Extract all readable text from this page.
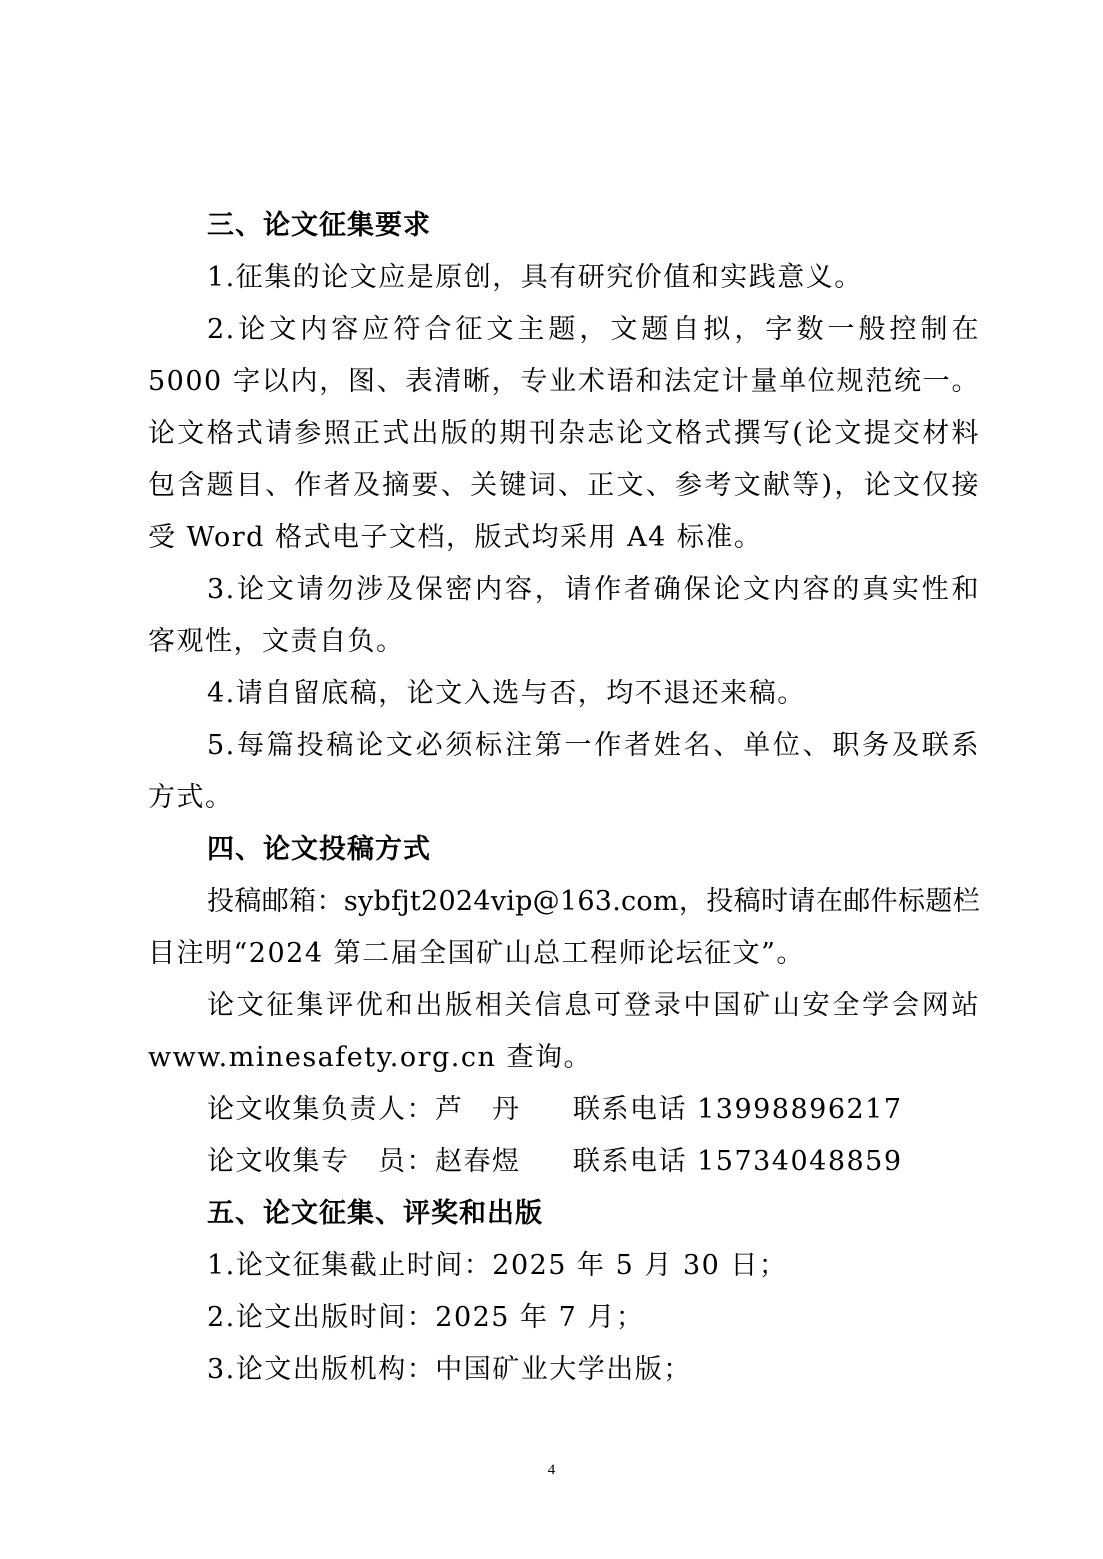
三、论文征集要求
1.征集的论文应是原创，具有研究价值和实践意义。
2.论文内容应符合征文主题，文题自拟，字数一般控制在
5000 字以内，图、表清晰，专业术语和法定计量单位规范统一。
论文格式请参照正式出版的期刊杂志论文格式撰写(论文提交材料
包含题目、作者及摘要、关键词、正文、参考文献等)，论文仅接
受 Word 格式电子文档，版式均采用 A4 标准。
3.论文请勿涉及保密内容，请作者确保论文内容的真实性和
客观性，文责自负。
4.请自留底稿，论文入选与否，均不退还来稿。
5.每篇投稿论文必须标注第一作者姓名、单位、职务及联系
方式。
四、论文投稿方式
投稿邮箱：sybfjt2024vip@163.com，投稿时请在邮件标题栏
目注明“2024 第二届全国矿山总工程师论坛征文”。
论文征集评优和出版相关信息可登录中国矿山安全学会网站
www.minesafety.org.cn 查询。
论文收集负责人：芦　丹 联系电话 13998896217
论文收集专　员：赵春煜 联系电话 15734048859
五、论文征集、评奖和出版
1.论文征集截止时间：2025 年 5 月 30 日；
2.论文出版时间：2025 年 7 月；
3.论文出版机构：中国矿业大学出版；
4
